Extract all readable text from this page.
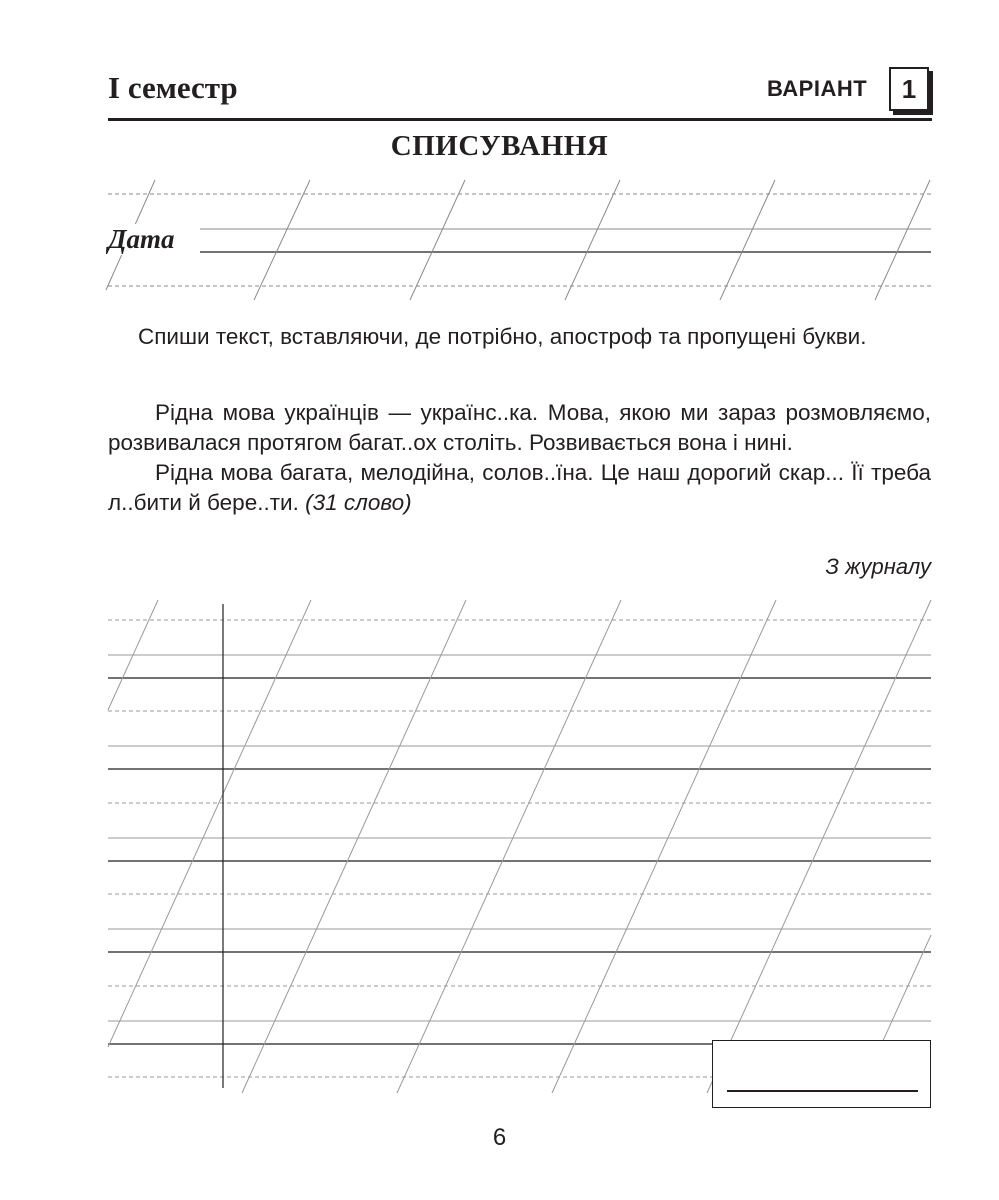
І семестр	ВАРІАНТ	1
СПИСУВАННЯ
Дата

Спиши текст, вставляючи, де потрібно, апостроф та пропущені букви.

Рідна мова українців — українс..ка. Мова, якою ми зараз розмовляємо, розвивалася протягом багат..ох століть. Розвивається вона і нині.

Рідна мова багата, мелодійна, солов..їна. Це наш дорогий скар... Її треба л..бити й бере..ти. (31 слово)

З журналу
6
